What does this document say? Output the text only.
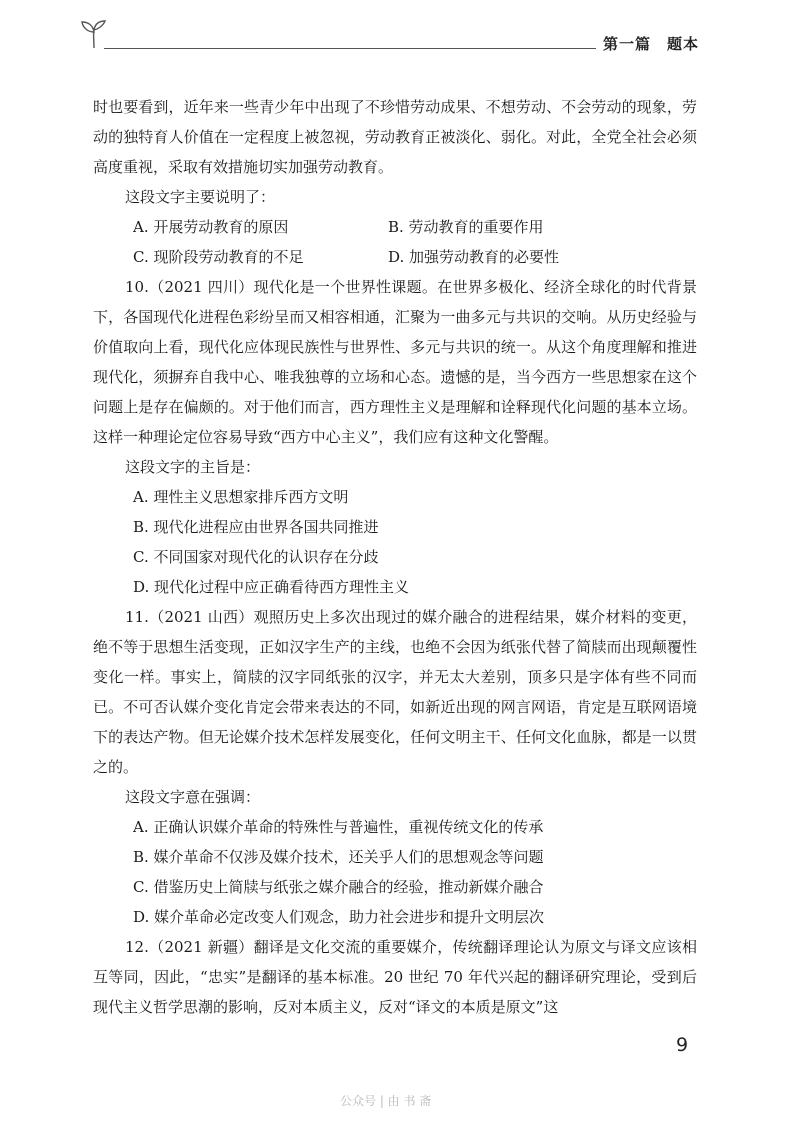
第一篇　题本

时也要看到，近年来一些青少年中出现了不珍惜劳动成果、不想劳动、不会劳动的现象，劳动的独特育人价值在一定程度上被忽视，劳动教育正被淡化、弱化。对此，全党全社会必须高度重视，采取有效措施切实加强劳动教育。

这段文字主要说明了：

A. 开展劳动教育的原因	B. 劳动教育的重要作用
C. 现阶段劳动教育的不足	D. 加强劳动教育的必要性

10.（2021 四川）现代化是一个世界性课题。在世界多极化、经济全球化的时代背景下，各国现代化进程色彩纷呈而又相容相通，汇聚为一曲多元与共识的交响。从历史经验与价值取向上看，现代化应体现民族性与世界性、多元与共识的统一。从这个角度理解和推进现代化，须摒弃自我中心、唯我独尊的立场和心态。遗憾的是，当今西方一些思想家在这个问题上是存在偏颇的。对于他们而言，西方理性主义是理解和诠释现代化问题的基本立场。这样一种理论定位容易导致“西方中心主义”，我们应有这种文化警醒。

这段文字的主旨是：

A. 理性主义思想家排斥西方文明

B. 现代化进程应由世界各国共同推进

C. 不同国家对现代化的认识存在分歧

D. 现代化过程中应正确看待西方理性主义

11.（2021 山西）观照历史上多次出现过的媒介融合的进程结果，媒介材料的变更，绝不等于思想生活变现，正如汉字生产的主线，也绝不会因为纸张代替了简牍而出现颠覆性变化一样。事实上，简牍的汉字同纸张的汉字，并无太大差别，顶多只是字体有些不同而已。不可否认媒介变化肯定会带来表达的不同，如新近出现的网言网语，肯定是互联网语境下的表达产物。但无论媒介技术怎样发展变化，任何文明主干、任何文化血脉，都是一以贯之的。

这段文字意在强调：

A. 正确认识媒介革命的特殊性与普遍性，重视传统文化的传承

B. 媒介革命不仅涉及媒介技术，还关乎人们的思想观念等问题

C. 借鉴历史上简牍与纸张之媒介融合的经验，推动新媒介融合

D. 媒介革命必定改变人们观念，助力社会进步和提升文明层次

12.（2021 新疆）翻译是文化交流的重要媒介，传统翻译理论认为原文与译文应该相互等同，因此，“忠实”是翻译的基本标准。20 世纪 70 年代兴起的翻译研究理论，受到后现代主义哲学思潮的影响，反对本质主义，反对“译文的本质是原文”这

9
公众号 | 由 书 斋
